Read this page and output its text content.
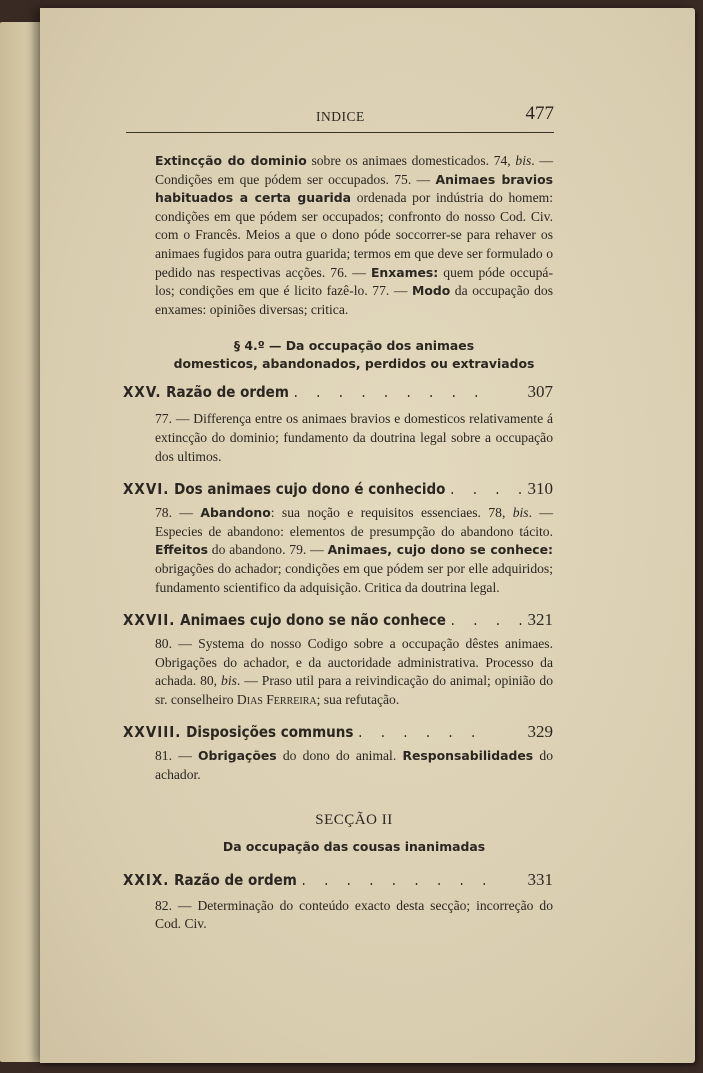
INDICE	477

Extincção do dominio sobre os animaes domesticados. 74, bis. — Condições em que pódem ser occupados. 75. — Animaes bravios habituados a certa guarida ordenada por indústria do homem: condições em que pódem ser occupados; confronto do nosso Cod. Civ. com o Francês. Meios a que o dono póde soccorrer-se para rehaver os animaes fugidos para outra guarida; termos em que deve ser formulado o pedido nas respectivas acções. 76. — Enxames: quem póde occupá-los; condições em que é licito fazê-lo. 77. — Modo da occupação dos enxames: opiniões diversas; critica.

§ 4.º — Da occupação dos animaes

domesticos, abandonados, perdidos ou extraviados

XXV. Razão de ordem . . . . . . . . . 307

77. — Differença entre os animaes bravios e domesticos relativamente á extincção do dominio; fundamento da doutrina legal sobre a occupação dos ultimos.

XXVI. Dos animaes cujo dono é conhecido . . . .
310

78. — Abandono: sua noção e requisitos essenciaes. 78, bis. — Especies de abandono: elementos de presumpção do abandono tácito. Effeitos do abandono. 79. — Animaes, cujo dono se conhece: obrigações do achador; condições em que pódem ser por elle adquiridos; fundamento scientifico da adquisição. Critica da doutrina legal.

XXVII. Animaes cujo dono se não conhece . . . .
321

80. — Systema do nosso Codigo sobre a occupação dêstes animaes. Obrigações do achador, e da auctoridade administrativa. Processo da achada. 80, bis. — Praso util para a reivindicação do animal; opinião do sr. conselheiro Dias Ferreira; sua refutação.

XXVIII. Disposições communs . . . . . .	329

81. — Obrigações do dono do animal. Responsabilidades do achador.

SECÇÃO II

Da occupação das cousas inanimadas

XXIX. Razão de ordem . . . . . . . . . 331

82. — Determinação do conteúdo exacto desta secção; incorreção do Cod. Civ.
